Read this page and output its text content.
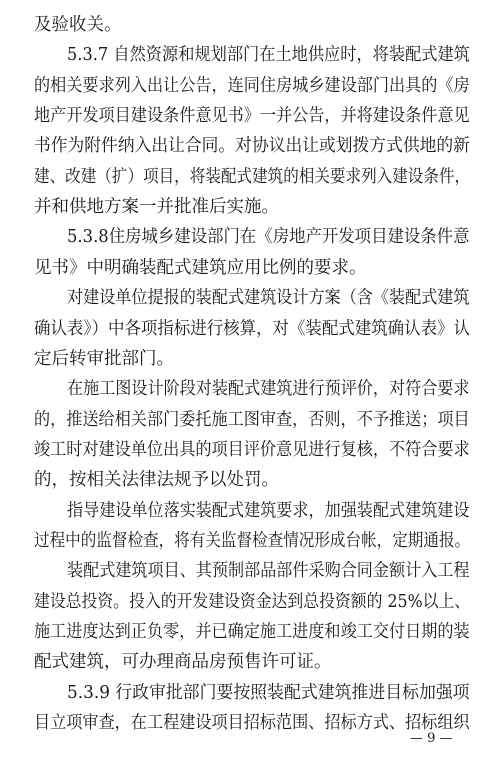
及验收关。
5.3.7 自然资源和规划部门在土地供应时，将装配式建筑
的相关要求列入出让公告，连同住房城乡建设部门出具的《房
地产开发项目建设条件意见书》一并公告，并将建设条件意见
书作为附件纳入出让合同。对协议出让或划拨方式供地的新
建、改建（扩）项目，将装配式建筑的相关要求列入建设条件，
并和供地方案一并批准后实施。
5.3.8住房城乡建设部门在《房地产开发项目建设条件意
见书》中明确装配式建筑应用比例的要求。
对建设单位提报的装配式建筑设计方案（含《装配式建筑
确认表》）中各项指标进行核算，对《装配式建筑确认表》认
定后转审批部门。
在施工图设计阶段对装配式建筑进行预评价，对符合要求
的，推送给相关部门委托施工图审查，否则，不予推送；项目
竣工时对建设单位出具的项目评价意见进行复核，不符合要求
的，按相关法律法规予以处罚。
指导建设单位落实装配式建筑要求，加强装配式建筑建设
过程中的监督检查，将有关监督检查情况形成台帐，定期通报。
装配式建筑项目、其预制部品部件采购合同金额计入工程
建设总投资。投入的开发建设资金达到总投资额的 25%以上、
施工进度达到正负零，并已确定施工进度和竣工交付日期的装
配式建筑，可办理商品房预售许可证。
5.3.9 行政审批部门要按照装配式建筑推进目标加强项
目立项审查，在工程建设项目招标范围、招标方式、招标组织
— 9 —
